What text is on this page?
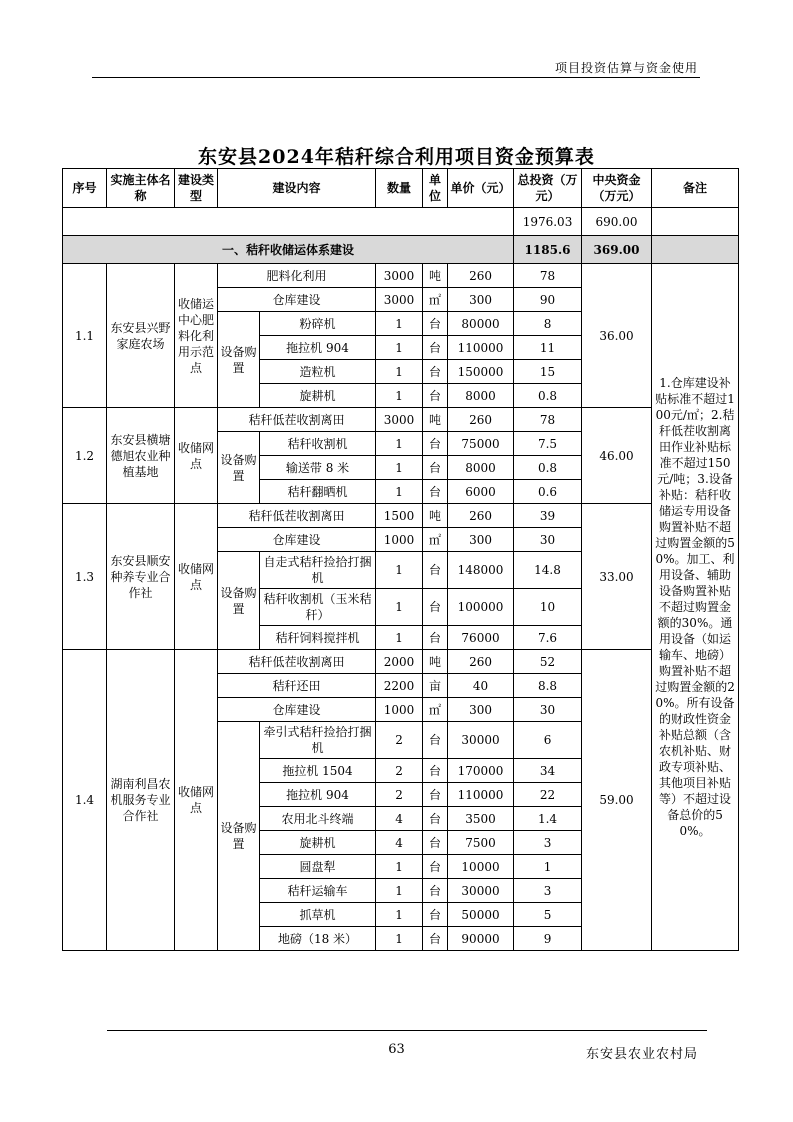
项目投资估算与资金使用
东安县2024年秸秆综合利用项目资金预算表
序号	实施主体名称	建设类型	建设内容		数量	单位	单价（元）	总投资（万元）	中央资金（万元）	备注
								1976.03	690.00	
一、秸秆收储运体系建设								1185.6	369.00	
1.1	东安县兴野家庭农场	收储运中心肥料化利用示范点	肥料化利用		3000	吨	260	78	36.00	1.仓库建设补贴标准不超过100元/㎡；2.秸秆低茬收割离田作业补贴标准不超过150元/吨；3.设备补贴：秸秆收储运专用设备购置补贴不超过购置金额的50%。加工、利用设备、辅助设备购置补贴不超过购置金额的30%。通用设备（如运输车、地磅）购置补贴不超过购置金额的20%。所有设备的财政性资金补贴总额（含农机补贴、财政专项补贴、其他项目补贴等）不超过设备总价的50%。
			仓库建设		3000	㎡	300	90		
			设备购置	粉碎机	1	台	80000	8		
				拖拉机 904	1	台	110000	11		
				造粒机	1	台	150000	15		
				旋耕机	1	台	8000	0.8		
1.2	东安县横塘德旭农业种植基地	收储网点	秸秆低茬收割离田		3000	吨	260	78	46.00	
			设备购置	秸秆收割机	1	台	75000	7.5		
				输送带 8 米	1	台	8000	0.8		
				秸秆翻晒机	1	台	6000	0.6		
1.3	东安县顺安种养专业合作社	收储网点	秸秆低茬收割离田		1500	吨	260	39	33.00	
			仓库建设		1000	㎡	300	30		
			设备购置	自走式秸秆捡拾打捆机	1	台	148000	14.8		
				秸秆收割机（玉米秸秆）	1	台	100000	10		
				秸秆饲料搅拌机	1	台	76000	7.6		
1.4	湖南利昌农机服务专业合作社	收储网点	秸秆低茬收割离田		2000	吨	260	52	59.00	
			秸秆还田		2200	亩	40	8.8		
			仓库建设		1000	㎡	300	30		
			设备购置	牵引式秸秆捡拾打捆机	2	台	30000	6		
				拖拉机 1504	2	台	170000	34		
				拖拉机 904	2	台	110000	22		
				农用北斗终端	4	台	3500	1.4		
				旋耕机	4	台	7500	3		
				圆盘犁	1	台	10000	1		
				秸秆运输车	1	台	30000	3		
				抓草机	1	台	50000	5		
				地磅（18 米）	1	台	90000	9		
63	东安县农业农村局
